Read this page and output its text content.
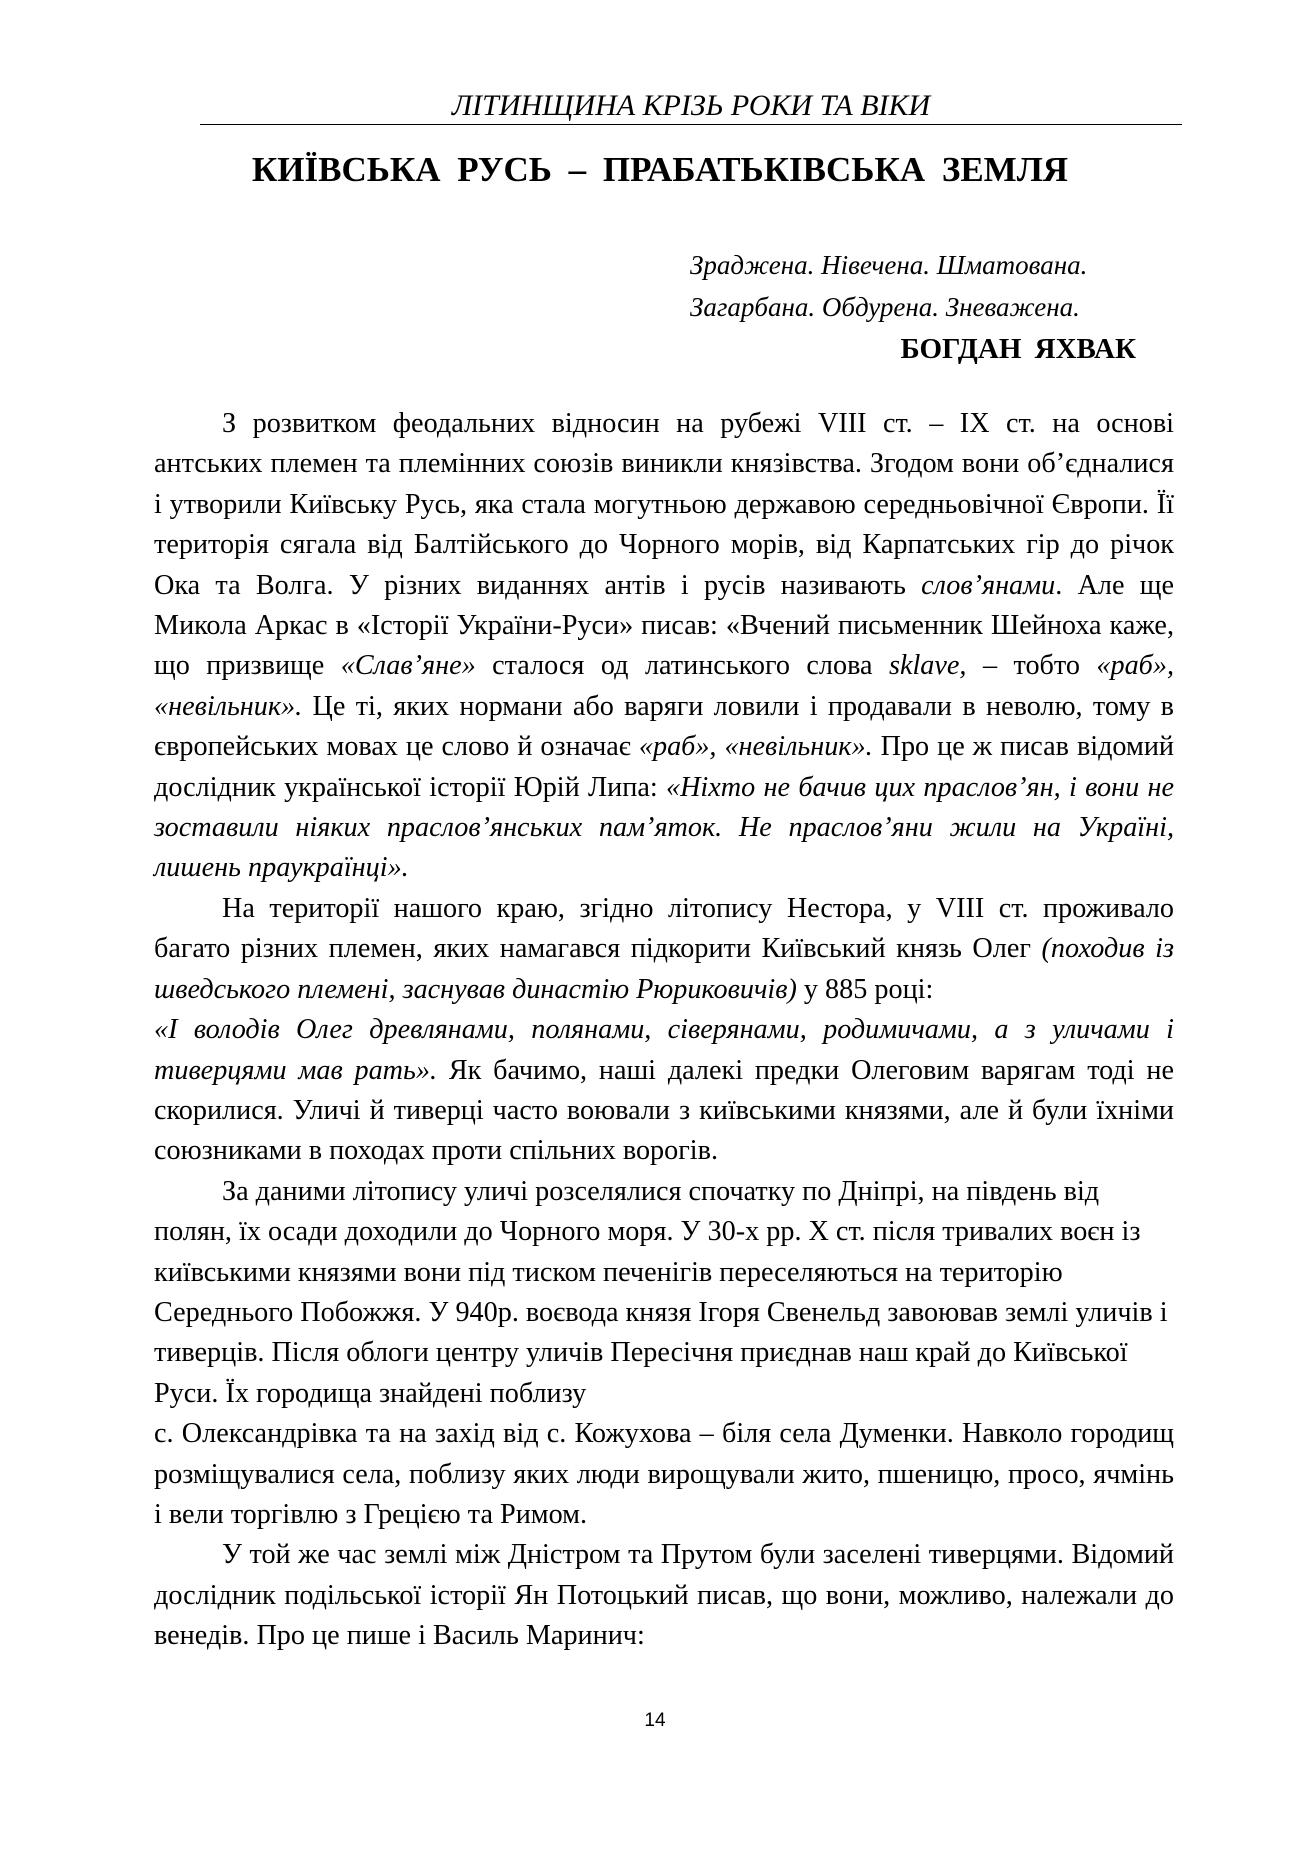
ЛІТИНЩИНА КРІЗЬ РОКИ ТА ВІКИ
КИЇВСЬКА РУСЬ – ПРАБАТЬКІВСЬКА ЗЕМЛЯ
Зраджена. Нівечена. Шматована.
Загарбана. Обдурена. Зневажена.
БОГДАН ЯХВАК

З розвитком феодальних відносин на рубежі VIII ст. – IX ст. на основі антських племен та племінних союзів виникли князівства. Згодом вони об’єдналися і утворили Київську Русь, яка стала могутньою державою середньовічної Європи. Її територія сягала від Балтійського до Чорного морів, від Карпатських гір до річок Ока та Волга. У різних виданнях антів і русів називають слов’янами. Але ще Микола Аркас в «Історії України-Руси» писав: «Вчений письменник Шейноха каже, що призвище «Слав’яне» сталося од латинського слова sklave, – тобто «раб», «невільник». Це ті, яких нормани або варяги ловили і продавали в неволю, тому в європейських мовах це слово й означає «раб», «невільник». Про це ж писав відомий дослідник української історії Юрій Липа: «Ніхто не бачив цих прaслов’ян, і вони не зоставили ніяких прaслов’янських пам’яток. Не праслов’яни жили на Україні, лишень праукраїнці».

На території нашого краю, згідно літопису Нестора, у VIII ст. проживало багато різних племен, яких намагався підкорити Київський князь Олег (походив із шведського племені, заснував династію Рюриковичів) у 885 році:

«І володів Олег древлянами, полянами, сіверянами, родимичами, а з уличами і тиверцями мав рать». Як бачимо, наші далекі предки Олеговим варягам тоді не скорилися. Уличі й тиверці часто воювали з київськими князями, але й були їхніми союзниками в походах проти спільних ворогів.

За даними літопису уличі розселялися спочатку по Дніпрі, на південь від полян, їх осади доходили до Чорного моря. У 30-х рр. Х ст. після тривалих воєн із київськими князями вони під тиском печенігів переселяються на територію Середнього Побожжя. У 940р. воєвода князя Ігоря Свенельд завоював землі уличів і тиверців. Після облоги центру уличів Пересічня приєднав наш край до Київської Руси. Їх городища знайдені поблизу

с. Олександрівка та на захід від с. Кожухова – біля села Думенки. Навколо городищ розміщувалися села, поблизу яких люди вирощували жито, пшеницю, просо, ячмінь і вели торгівлю з Грецією та Римом.

У той же час землі між Дністром та Прутом були заселені тиверцями. Відомий дослідник подільської історії Ян Потоцький писав, що вони, можливо, належали до венедів. Про це пише і Василь Маринич:

14
